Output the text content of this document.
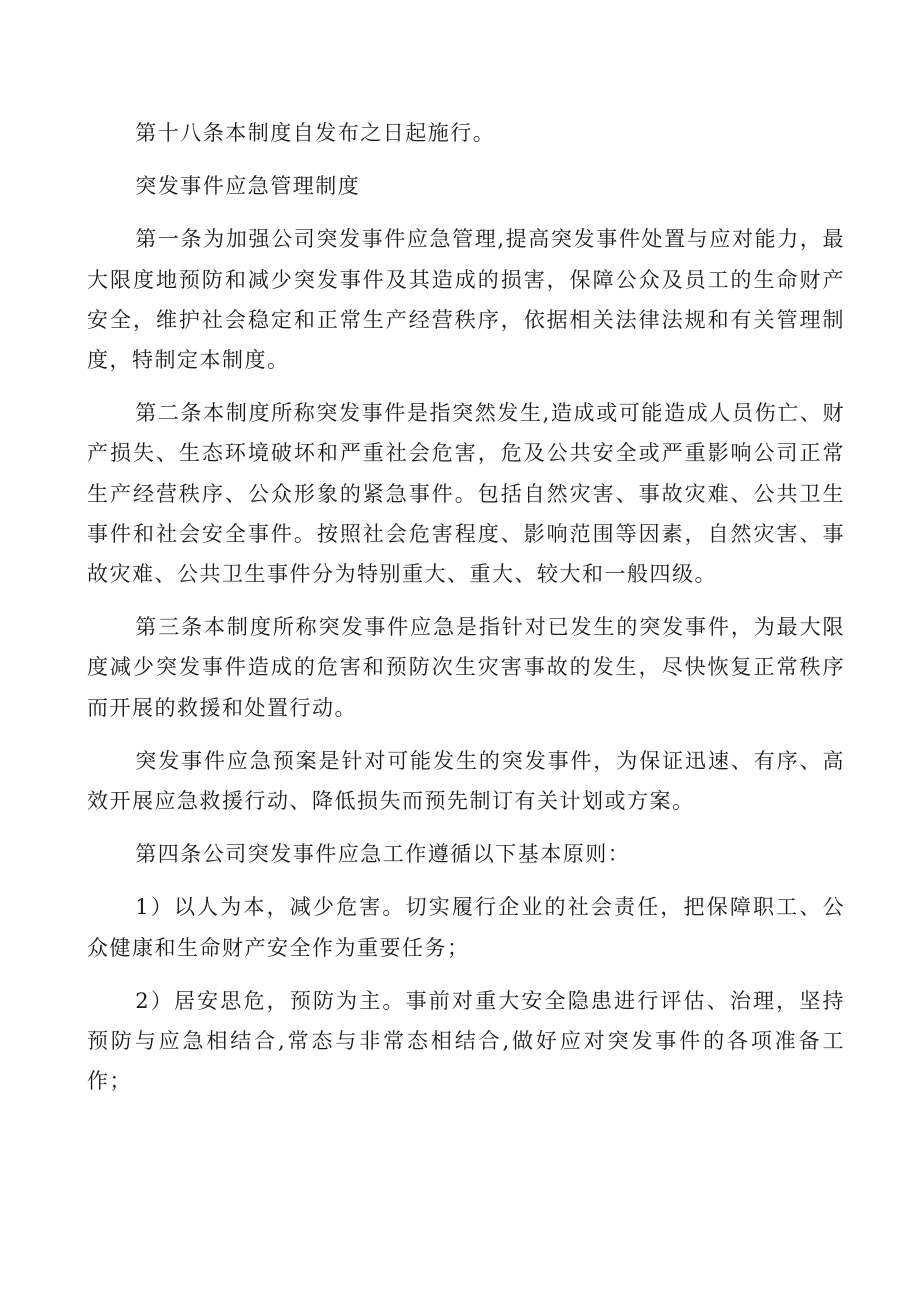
第十八条本制度自发布之日起施行。

突发事件应急管理制度

第一条为加强公司突发事件应急管理,提高突发事件处置与应对能力，最大限度地预防和减少突发事件及其造成的损害，保障公众及员工的生命财产安全，维护社会稳定和正常生产经营秩序，依据相关法律法规和有关管理制度，特制定本制度。

第二条本制度所称突发事件是指突然发生,造成或可能造成人员伤亡、财产损失、生态环境破坏和严重社会危害，危及公共安全或严重影响公司正常生产经营秩序、公众形象的紧急事件。包括自然灾害、事故灾难、公共卫生事件和社会安全事件。按照社会危害程度、影响范围等因素，自然灾害、事故灾难、公共卫生事件分为特别重大、重大、较大和一般四级。

第三条本制度所称突发事件应急是指针对已发生的突发事件，为最大限度减少突发事件造成的危害和预防次生灾害事故的发生，尽快恢复正常秩序而开展的救援和处置行动。

突发事件应急预案是针对可能发生的突发事件，为保证迅速、有序、高效开展应急救援行动、降低损失而预先制订有关计划或方案。

第四条公司突发事件应急工作遵循以下基本原则：

1）以人为本，减少危害。切实履行企业的社会责任，把保障职工、公众健康和生命财产安全作为重要任务；

2）居安思危，预防为主。事前对重大安全隐患进行评估、治理，坚持预防与应急相结合,常态与非常态相结合,做好应对突发事件的各项准备工作；
